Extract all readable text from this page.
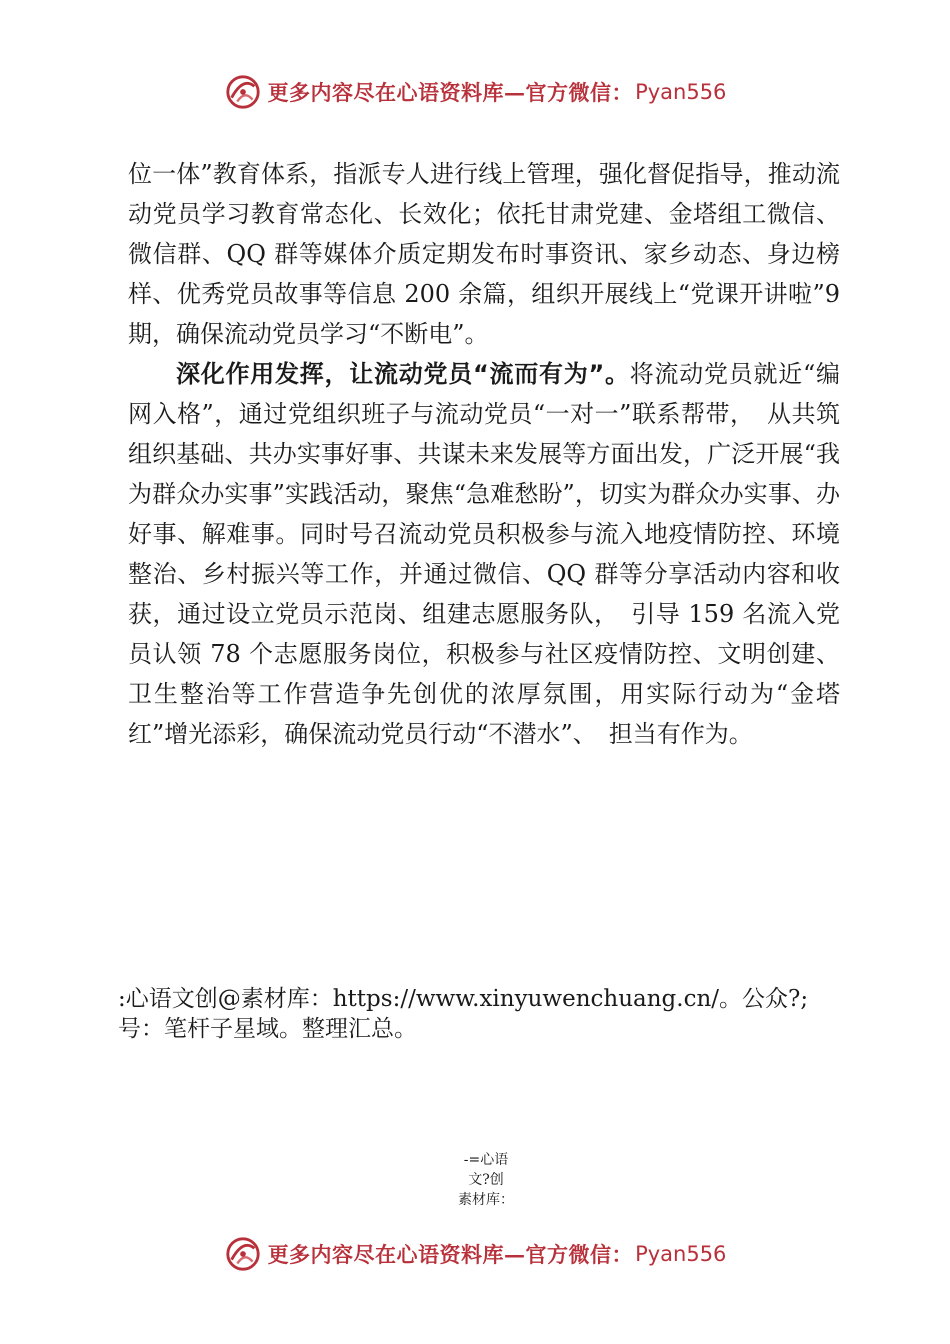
更多内容尽在心语资料库—官方微信： Pyan556

位一体”教育体系，指派专人进行线上管理，强化督促指导，推动流动党员学习教育常态化、长效化；依托甘肃党建、金塔组工微信、微信群、QQ 群等媒体介质定期发布时事资讯、家乡动态、身边榜样、优秀党员故事等信息 200 余篇，组织开展线上“党课开讲啦”9 期，确保流动党员学习“不断电”。

深化作用发挥，让流动党员“流而有为”。将流动党员就近“编网入格”，通过党组织班子与流动党员“一对一”联系帮带，　从共筑组织基础、共办实事好事、共谋未来发展等方面出发，广泛开展“我为群众办实事”实践活动，聚焦“急难愁盼”，切实为群众办实事、办好事、解难事。同时号召流动党员积极参与流入地疫情防控、环境整治、乡村振兴等工作，并通过微信、QQ 群等分享活动内容和收获，通过设立党员示范岗、组建志愿服务队，　引导 159 名流入党员认领 78 个志愿服务岗位，积极参与社区疫情防控、文明创建、卫生整治等工作营造争先创优的浓厚氛围，用实际行动为“金塔红”增光添彩，确保流动党员行动“不潜水”、　担当有作为。

:心语文创@素材库：https://www.xinyuwenchuang.cn/。公众?;
号：笔杆子星域。整理汇总。
-=心语
文?创
素材库：
更多内容尽在心语资料库—官方微信： Pyan556
